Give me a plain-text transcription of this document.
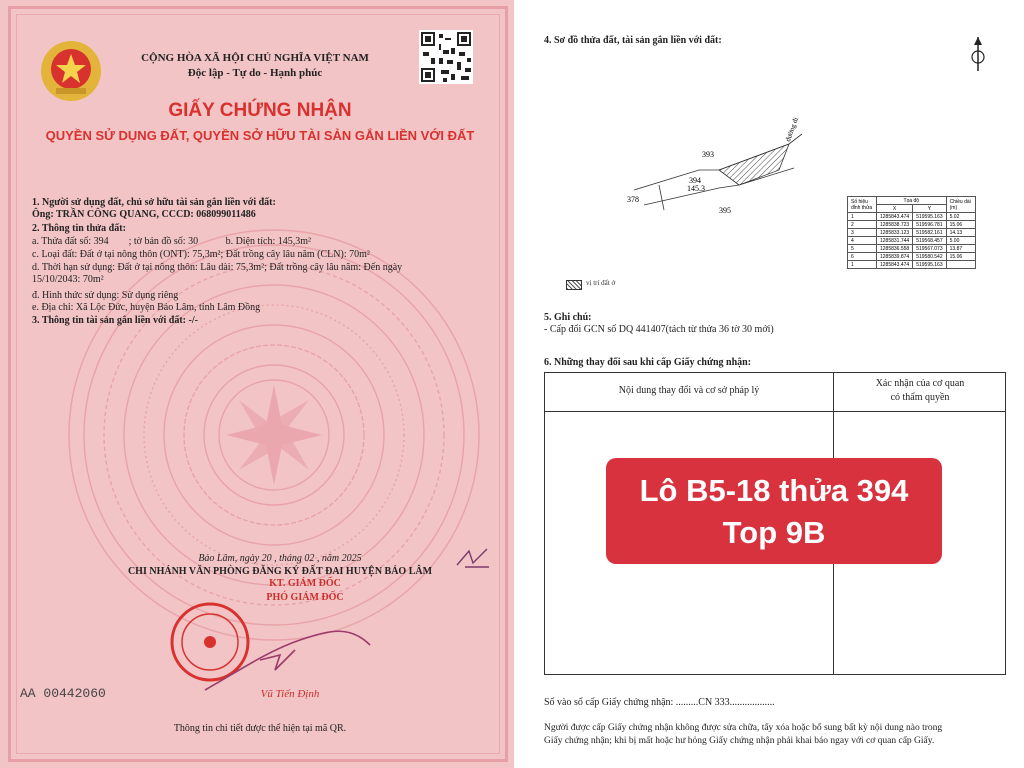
CỘNG HÒA XÃ HỘI CHỦ NGHĨA VIỆT NAM
Độc lập - Tự do - Hạnh phúc
GIẤY CHỨNG NHẬN
QUYỀN SỬ DỤNG ĐẤT, QUYỀN SỞ HỮU TÀI SẢN GẮN LIỀN VỚI ĐẤT
1. Người sử dụng đất, chủ sở hữu tài sản gắn liền với đất:
Ông: TRẦN CÔNG QUANG, CCCD: 068099011486
2. Thông tin thửa đất:
a. Thửa đất số: 394        ; tờ bản đồ số: 30           b. Diện tích: 145,3m²
c. Loại đất: Đất ở tại nông thôn (ONT): 75,3m²; Đất trồng cây lâu năm (CLN): 70m²
d. Thời hạn sử dụng: Đất ở tại nông thôn: Lâu dài: 75,3m²; Đất trồng cây lâu năm: Đến ngày
15/10/2043: 70m²
đ. Hình thức sử dụng: Sử dụng riêng
e. Địa chỉ: Xã Lộc Đức, huyện Bảo Lâm, tỉnh Lâm Đồng
3. Thông tin tài sản gắn liền với đất: -/-
Bảo Lâm, ngày 20 , tháng 02 , năm 2025
CHI NHÁNH VĂN PHÒNG ĐĂNG KÝ ĐẤT ĐAI HUYỆN BẢO LÂM
KT. GIÁM ĐỐC
PHÓ GIÁM ĐỐC
Vũ Tiến Định
AA 00442060
Thông tin chi tiết được thể hiện tại mã QR.
4. Sơ đồ thửa đất, tài sản gắn liền với đất:
393
394
145.3
378
395
đường đi
Số hiệu đỉnh thửa	Tọa độ		Chiều dài (m)
	X	Y	
1	1285843.474	519595.163	5.02
2	1285838.723	519596.781	15.06
3	1285833.123	519582.161	14.13
4	1285831.744	519568.457	5.00
5	1285836.558	519567.073	13.87
6	1285839.874	519580.542	15.06
1	1285843.474	519595.163	
vị trí đất ở
5. Ghi chú:
- Cấp đổi GCN số DQ 441407(tách từ thửa 36 tờ 30 mới)
6. Những thay đổi sau khi cấp Giấy chứng nhận:
Nội dung thay đổi và cơ sở pháp lý
Xác nhận của cơ quan
có thẩm quyền
Số vào sổ cấp Giấy chứng nhận: .........CN 333..................
Người được cấp Giấy chứng nhận không được sửa chữa, tẩy xóa hoặc bổ sung bất kỳ nội dung nào trong
Giấy chứng nhận; khi bị mất hoặc hư hỏng Giấy chứng nhận phải khai báo ngay với cơ quan cấp Giấy.
Lô B5-18 thửa 394
Top 9B
